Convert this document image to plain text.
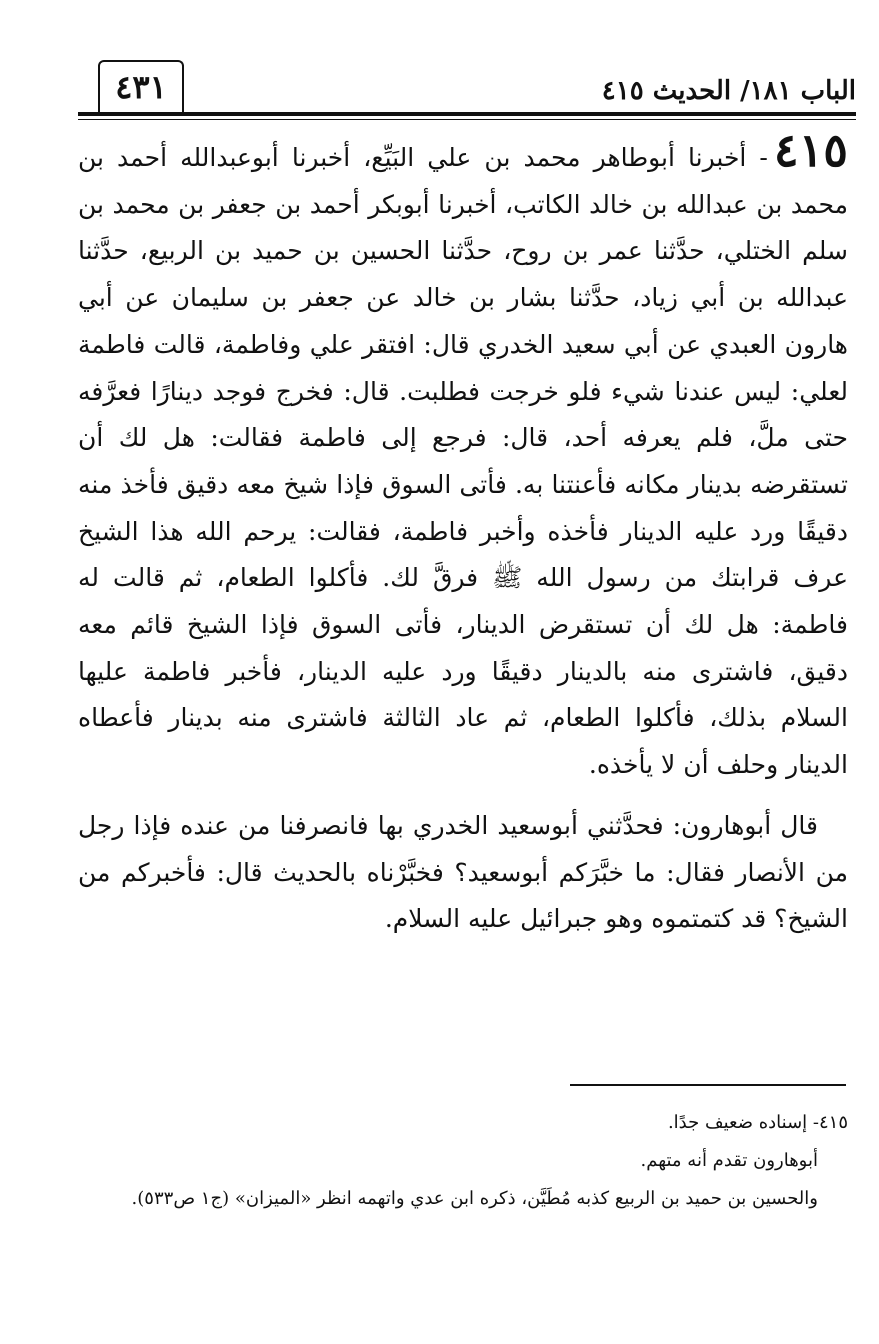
٤٣١	الباب ١٨١/ الحديث ٤١٥

٤١٥- أخبرنا أبوطاهر محمد بن علي البَيِّع، أخبرنا أبوعبدالله أحمد بن محمد بن عبدالله بن خالد الكاتب، أخبرنا أبوبكر أحمد بن جعفر بن محمد بن سلم الختلي، حدَّثنا عمر بن روح، حدَّثنا الحسين بن حميد بن الربيع، حدَّثنا عبدالله بن أبي زياد، حدَّثنا بشار بن خالد عن جعفر بن سليمان عن أبي هارون العبدي عن أبي سعيد الخدري قال: افتقر علي وفاطمة، قالت فاطمة لعلي: ليس عندنا شيء فلو خرجت فطلبت. قال: فخرج فوجد دينارًا فعرَّفه حتى ملَّ، فلم يعرفه أحد، قال: فرجع إلى فاطمة فقالت: هل لك أن تستقرضه بدينار مكانه فأعنتنا به. فأتى السوق فإذا شيخ معه دقيق فأخذ منه دقيقًا ورد عليه الدينار فأخذه وأخبر فاطمة، فقالت: يرحم الله هذا الشيخ عرف قرابتك من رسول الله ﷺ فرقَّ لك. فأكلوا الطعام، ثم قالت له فاطمة: هل لك أن تستقرض الدينار، فأتى السوق فإذا الشيخ قائم معه دقيق، فاشترى منه بالدينار دقيقًا ورد عليه الدينار، فأخبر فاطمة عليها السلام بذلك، فأكلوا الطعام، ثم عاد الثالثة فاشترى منه بدينار فأعطاه الدينار وحلف أن لا يأخذه.

قال أبوهارون: فحدَّثني أبوسعيد الخدري بها فانصرفنا من عنده فإذا رجل من الأنصار فقال: ما خبَّرَكم أبوسعيد؟ فخبَّرْناه بالحديث قال: فأخبركم من الشيخ؟ قد كتمتموه وهو جبرائيل عليه السلام.

٤١٥- إسناده ضعيف جدًا.

أبوهارون تقدم أنه متهم.

والحسين بن حميد بن الربيع كذبه مُطَيَّن، ذكره ابن عدي واتهمه انظر «الميزان» (ج١ ص٥٣٣).
